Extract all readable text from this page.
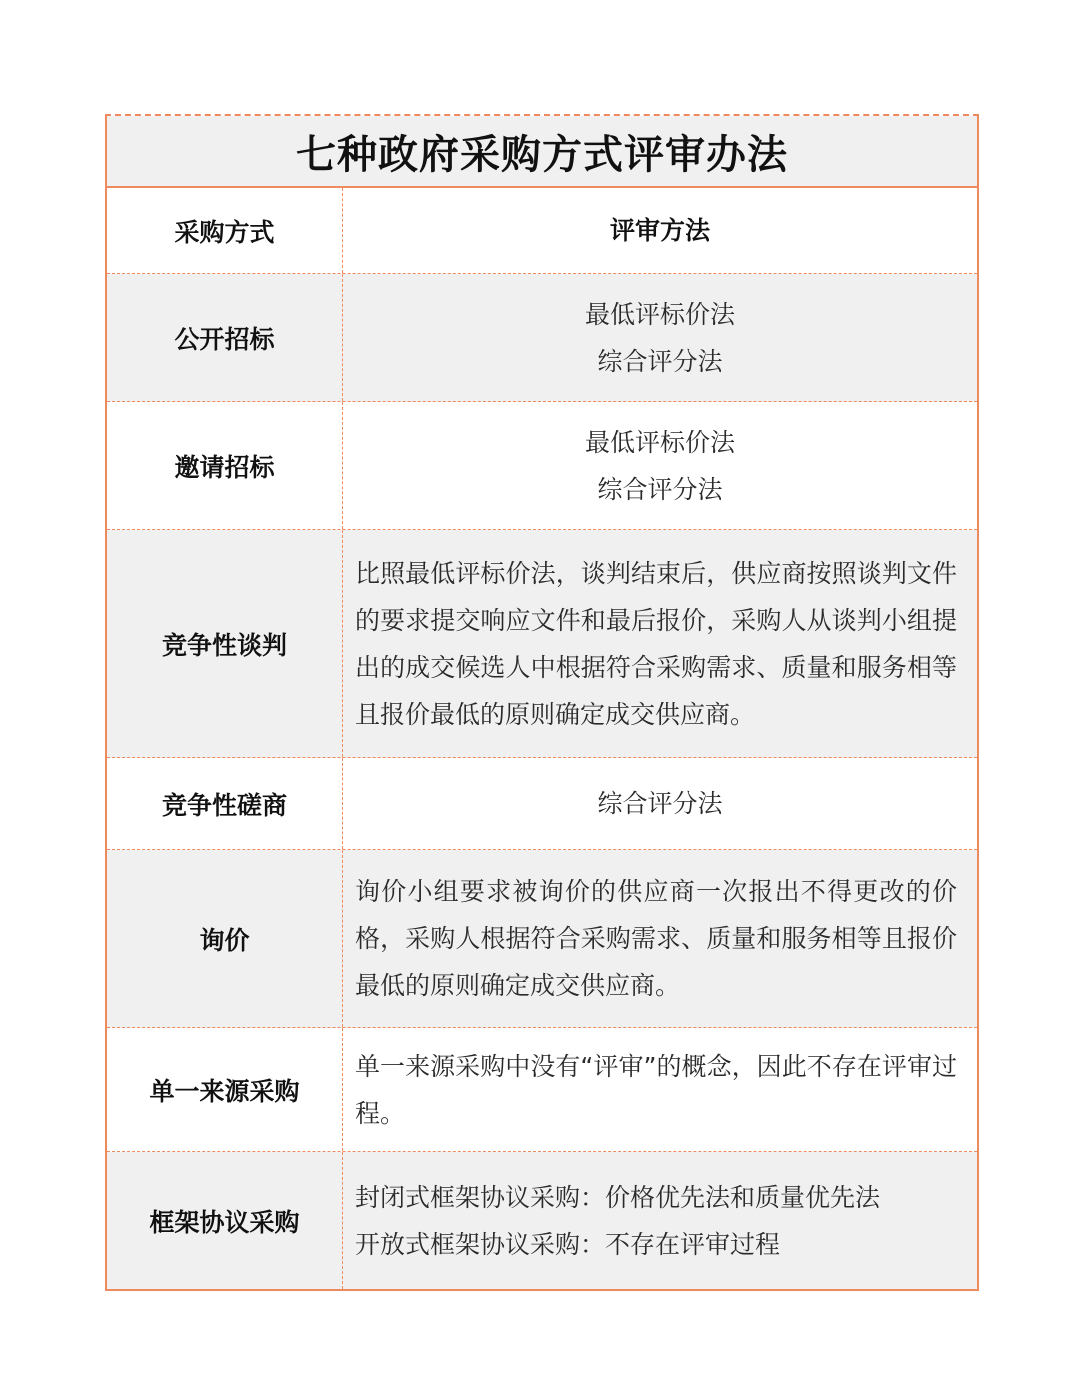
七种政府采购方式评审办法
采购方式	评审方法
公开招标
最低评标价法
综合评分法
邀请招标
最低评标价法
综合评分法
竞争性谈判
比照最低评标价法，谈判结束后，供应商按照谈判文件的要求提交响应文件和最后报价，采购人从谈判小组提出的成交候选人中根据符合采购需求、质量和服务相等且报价最低的原则确定成交供应商。
竞争性磋商	综合评分法
询价
询价小组要求被询价的供应商一次报出不得更改的价格，采购人根据符合采购需求、质量和服务相等且报价最低的原则确定成交供应商。
单一来源采购
单一来源采购中没有“评审”的概念，因此不存在评审过程。
框架协议采购
封闭式框架协议采购：价格优先法和质量优先法
开放式框架协议采购：不存在评审过程
